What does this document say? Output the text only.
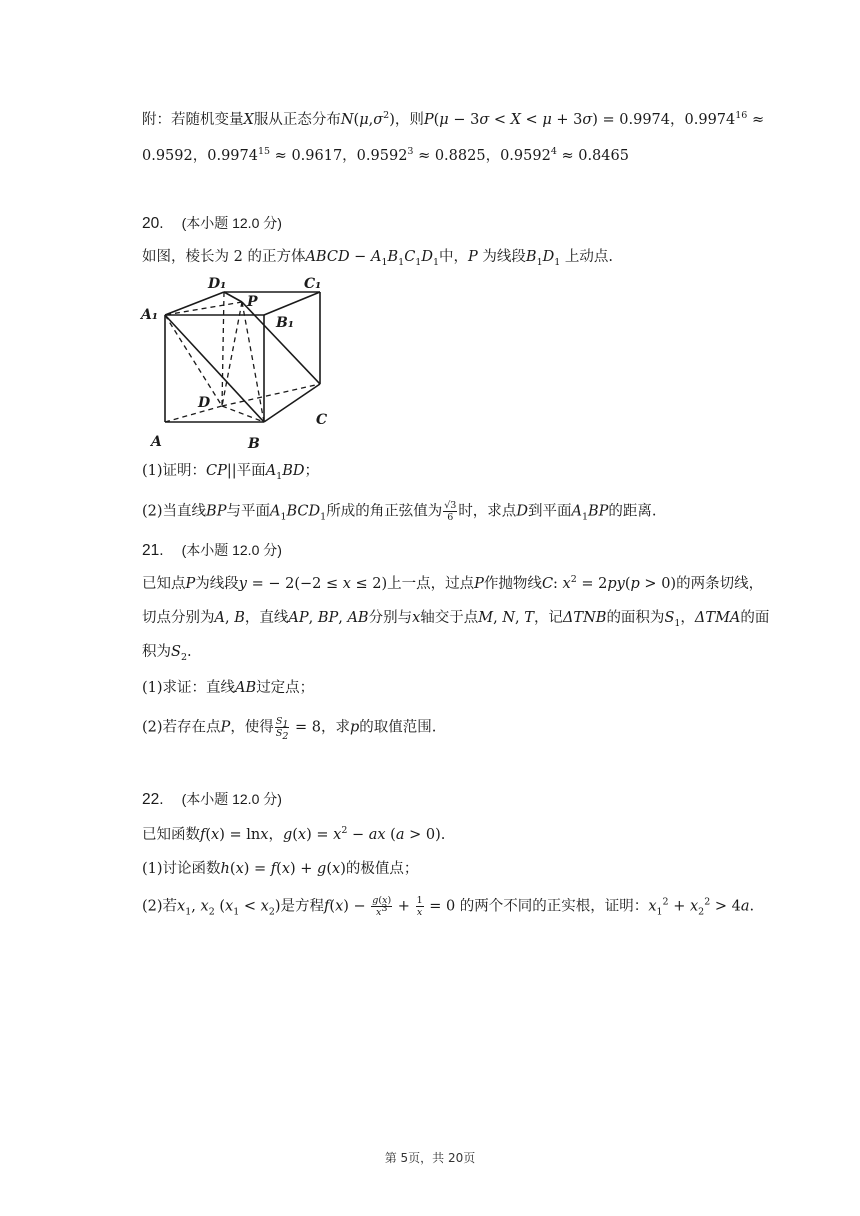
附：若随机变量X服从正态分布$N(\mu,\sigma^2)$，则P(μ − 3σ < X < μ + 3σ) = 0.9974，$0.9974^{16}$ ≈
0.9592，$0.9974^{15} \approx 0.9617$，$0.9592^3 \approx 0.8825$，$0.9592^4 \approx 0.8465$
20. (本小题 12.0 分)
如图，棱长为 2 的正方体ABCD − $A_1B_1C_1D_1$中，P 为线段$B_1D_1$ 上动点.
A₁
D₁
P
C₁
B₁
D
A	B
C
(1)证明：CP||平面$A_1BD$；
(2)当直线BP与平面$A_1BCD_1$所成的角正弦值为 $\frac{√3}{6}$ 时，求点D到平面$A_1BP$的距离.
21. (本小题 12.0 分)
已知点P为线段y = − 2(−2 ≤ x ≤ 2)上一点，过点P作抛物线C: $x^2 = 2py(p > 0)$的两条切线，
切点分别为A, B，直线AP, BP, AB分别与x轴交于点M, N, T，记ΔTNB的面积为$S_1$，ΔTMA的面
积为$S_2$.
(1)求证：直线AB过定点；
(2)若存在点P，使得 $\frac{S_1}{S_2} = 8$，求p的取值范围.
22. (本小题 12.0 分)
已知函数f(x) = lnx，$g(x) = x^2$ − ax (a > 0).
(1)讨论函数h(x) = f(x) + g(x)的极值点；
(2)若$x_1$, $x_2$ $(x_1 < x_2)$是方程$f(x) - \frac{g(x)}{x^3} + \frac{1}{x} = 0$ 的两个不同的正实根，证明：$x_1^2 + x_2^2 > 4a$.
第 5页，共 20页
